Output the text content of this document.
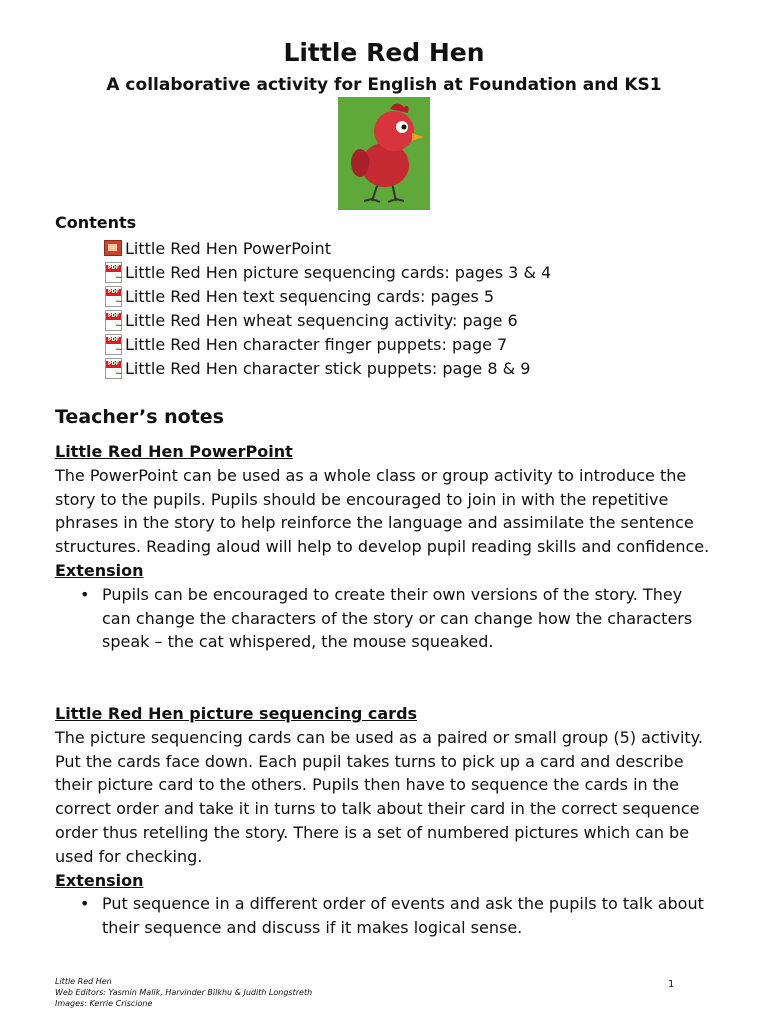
Little Red Hen
A collaborative activity for English at Foundation and KS1
Contents
Little Red Hen PowerPoint
PDF
~ Little Red Hen picture sequencing cards: pages 3 & 4
PDF
~ Little Red Hen text sequencing cards: pages 5
PDF
~ Little Red Hen wheat sequencing activity: page 6
PDF
~ Little Red Hen character finger puppets: page 7
PDF
~ Little Red Hen character stick puppets: page 8 & 9
Teacher’s notes

Little Red Hen PowerPoint

The PowerPoint can be used as a whole class or group activity to introduce the story to the pupils. Pupils should be encouraged to join in with the repetitive phrases in the story to help reinforce the language and assimilate the sentence structures. Reading aloud will help to develop pupil reading skills and confidence.

Extension

• Pupils can be encouraged to create their own versions of the story. They can change the characters of the story or can change how the characters speak – the cat whispered, the mouse squeaked.

Little Red Hen picture sequencing cards

The picture sequencing cards can be used as a paired or small group (5) activity. Put the cards face down. Each pupil takes turns to pick up a card and describe their picture card to the others. Pupils then have to sequence the cards in the correct order and take it in turns to talk about their card in the correct sequence order thus retelling the story. There is a set of numbered pictures which can be used for checking.

Extension

• Put sequence in a different order of events and ask the pupils to talk about their sequence and discuss if it makes logical sense.

Little Red Hen
Web Editors: Yasmin Malik, Harvinder Bilkhu & Judith Longstreth
Images: Kerrie Criscione
1
